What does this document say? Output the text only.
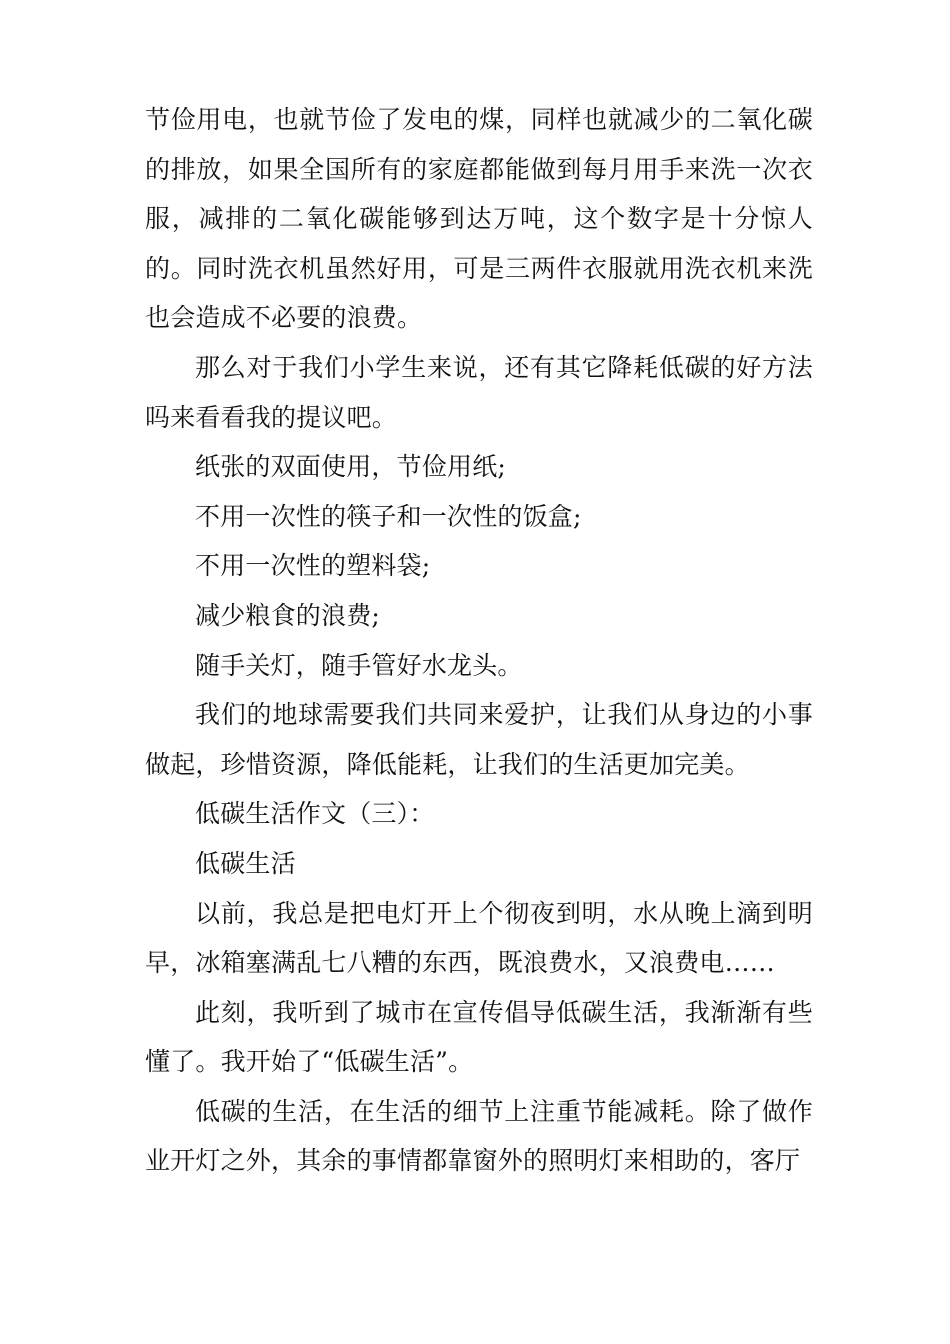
节俭用电，也就节俭了发电的煤，同样也就减少的二氧化碳的排放，如果全国所有的家庭都能做到每月用手来洗一次衣服，减排的二氧化碳能够到达万吨，这个数字是十分惊人的。同时洗衣机虽然好用，可是三两件衣服就用洗衣机来洗也会造成不必要的浪费。

那么对于我们小学生来说，还有其它降耗低碳的好方法吗来看看我的提议吧。

纸张的双面使用，节俭用纸;

不用一次性的筷子和一次性的饭盒;

不用一次性的塑料袋;

减少粮食的浪费;

随手关灯，随手管好水龙头。

我们的地球需要我们共同来爱护，让我们从身边的小事做起，珍惜资源，降低能耗，让我们的生活更加完美。

低碳生活作文（三）：

低碳生活

以前，我总是把电灯开上个彻夜到明，水从晚上滴到明早，冰箱塞满乱七八糟的东西，既浪费水，又浪费电……

此刻，我听到了城市在宣传倡导低碳生活，我渐渐有些懂了。我开始了“低碳生活”。

低碳的生活，在生活的细节上注重节能减耗。除了做作业开灯之外，其余的事情都靠窗外的照明灯来相助的，客厅
